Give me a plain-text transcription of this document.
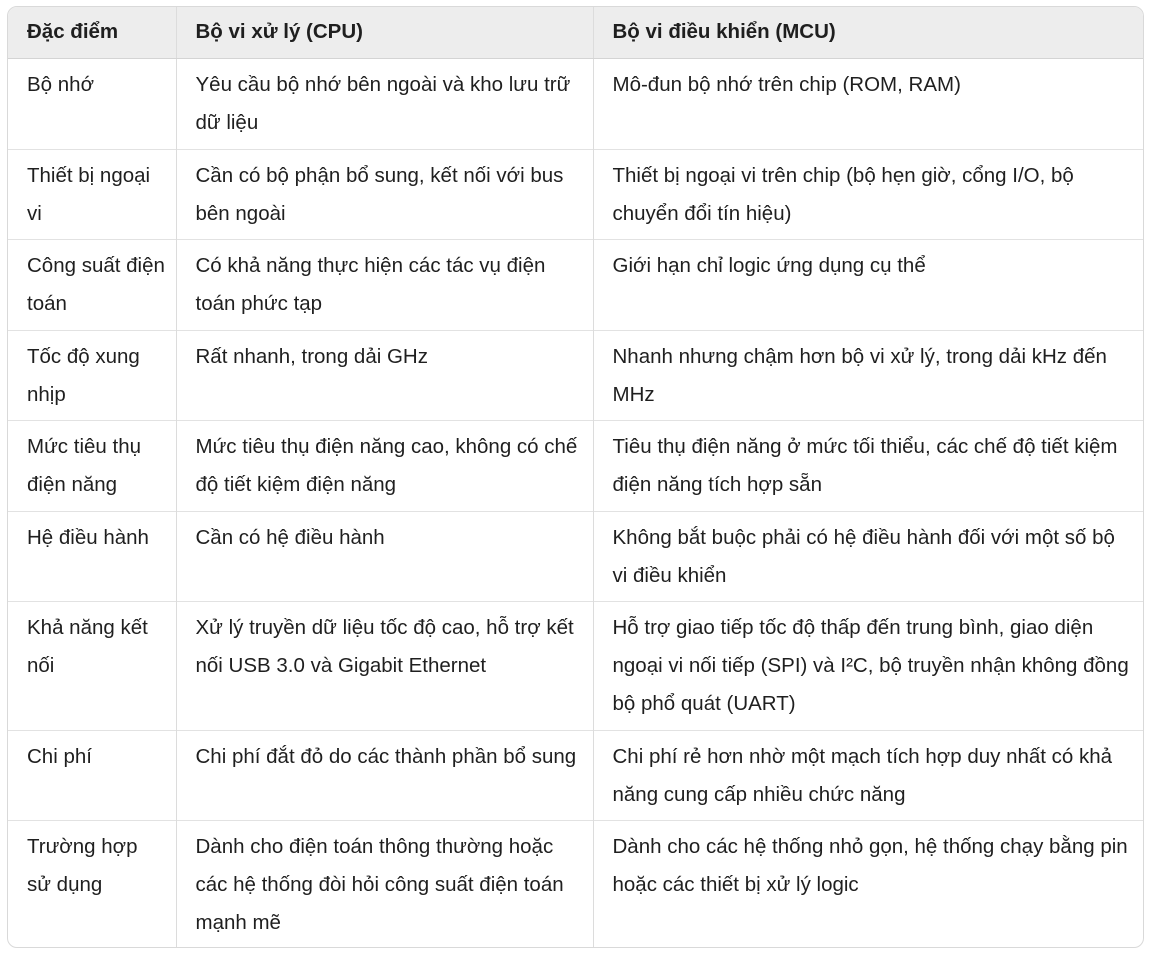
Đặc điểm	Bộ vi xử lý (CPU)	Bộ vi điều khiển (MCU)
Bộ nhớ	Yêu cầu bộ nhớ bên ngoài và kho lưu trữ dữ liệu	Mô-đun bộ nhớ trên chip (ROM, RAM)
Thiết bị ngoại vi	Cần có bộ phận bổ sung, kết nối với bus bên ngoài	Thiết bị ngoại vi trên chip (bộ hẹn giờ, cổng I/O, bộ chuyển đổi tín hiệu)
Công suất điện toán	Có khả năng thực hiện các tác vụ điện toán phức tạp	Giới hạn chỉ logic ứng dụng cụ thể
Tốc độ xung nhịp	Rất nhanh, trong dải GHz	Nhanh nhưng chậm hơn bộ vi xử lý, trong dải kHz đến MHz
Mức tiêu thụ điện năng	Mức tiêu thụ điện năng cao, không có chế độ tiết kiệm điện năng	Tiêu thụ điện năng ở mức tối thiểu, các chế độ tiết kiệm điện năng tích hợp sẵn
Hệ điều hành	Cần có hệ điều hành	Không bắt buộc phải có hệ điều hành đối với một số bộ vi điều khiển
Khả năng kết nối	Xử lý truyền dữ liệu tốc độ cao, hỗ trợ kết nối USB 3.0 và Gigabit Ethernet	Hỗ trợ giao tiếp tốc độ thấp đến trung bình, giao diện ngoại vi nối tiếp (SPI) và I²C, bộ truyền nhận không đồng bộ phổ quát (UART)
Chi phí	Chi phí đắt đỏ do các thành phần bổ sung	Chi phí rẻ hơn nhờ một mạch tích hợp duy nhất có khả năng cung cấp nhiều chức năng
Trường hợp sử dụng	Dành cho điện toán thông thường hoặc các hệ thống đòi hỏi công suất điện toán mạnh mẽ	Dành cho các hệ thống nhỏ gọn, hệ thống chạy bằng pin hoặc các thiết bị xử lý logic
